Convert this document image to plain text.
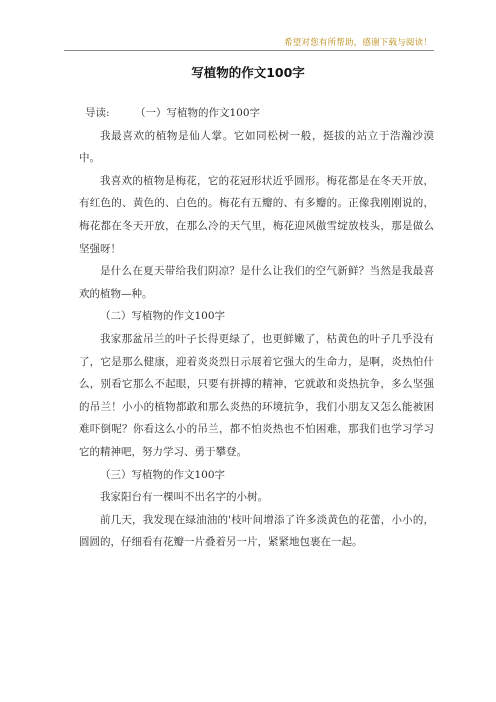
希望对您有所帮助，感谢下载与阅读！
写植物的作文100字

导读: （一）写植物的作文100字

我最喜欢的植物是仙人掌。它如同松树一般，挺拔的站立于浩瀚沙漠中。

我喜欢的植物是梅花，它的花冠形状近乎圆形。梅花都是在冬天开放，有红色的、黄色的、白色的。梅花有五瓣的、有多瓣的。正像我刚刚说的，梅花都在冬天开放，在那么冷的天气里，梅花迎风傲雪绽放枝头，那是做么坚强呀！

是什么在夏天带给我们阴凉？是什么让我们的空气新鲜？当然是我最喜欢的植物—种。

（二）写植物的作文100字

我家那盆吊兰的叶子长得更绿了，也更鲜嫩了，枯黄色的叶子几乎没有了，它是那么健康，迎着炎炎烈日示展着它强大的生命力，是啊，炎热怕什么，别看它那么不起眼，只要有拼搏的精神，它就敢和炎热抗争，多么坚强的吊兰！小小的植物都敢和那么炎热的环境抗争，我们小朋友又怎么能被困难吓倒呢？你看这么小的吊兰，都不怕炎热也不怕困难，那我们也学习学习它的精神吧，努力学习、勇于攀登。

（三）写植物的作文100字

我家阳台有一棵叫不出名字的小树。

前几天，我发现在绿油油的'枝叶间增添了许多淡黄色的花蕾，小小的，圆圆的，仔细看有花瓣一片叠着另一片，紧紧地包裹在一起。
